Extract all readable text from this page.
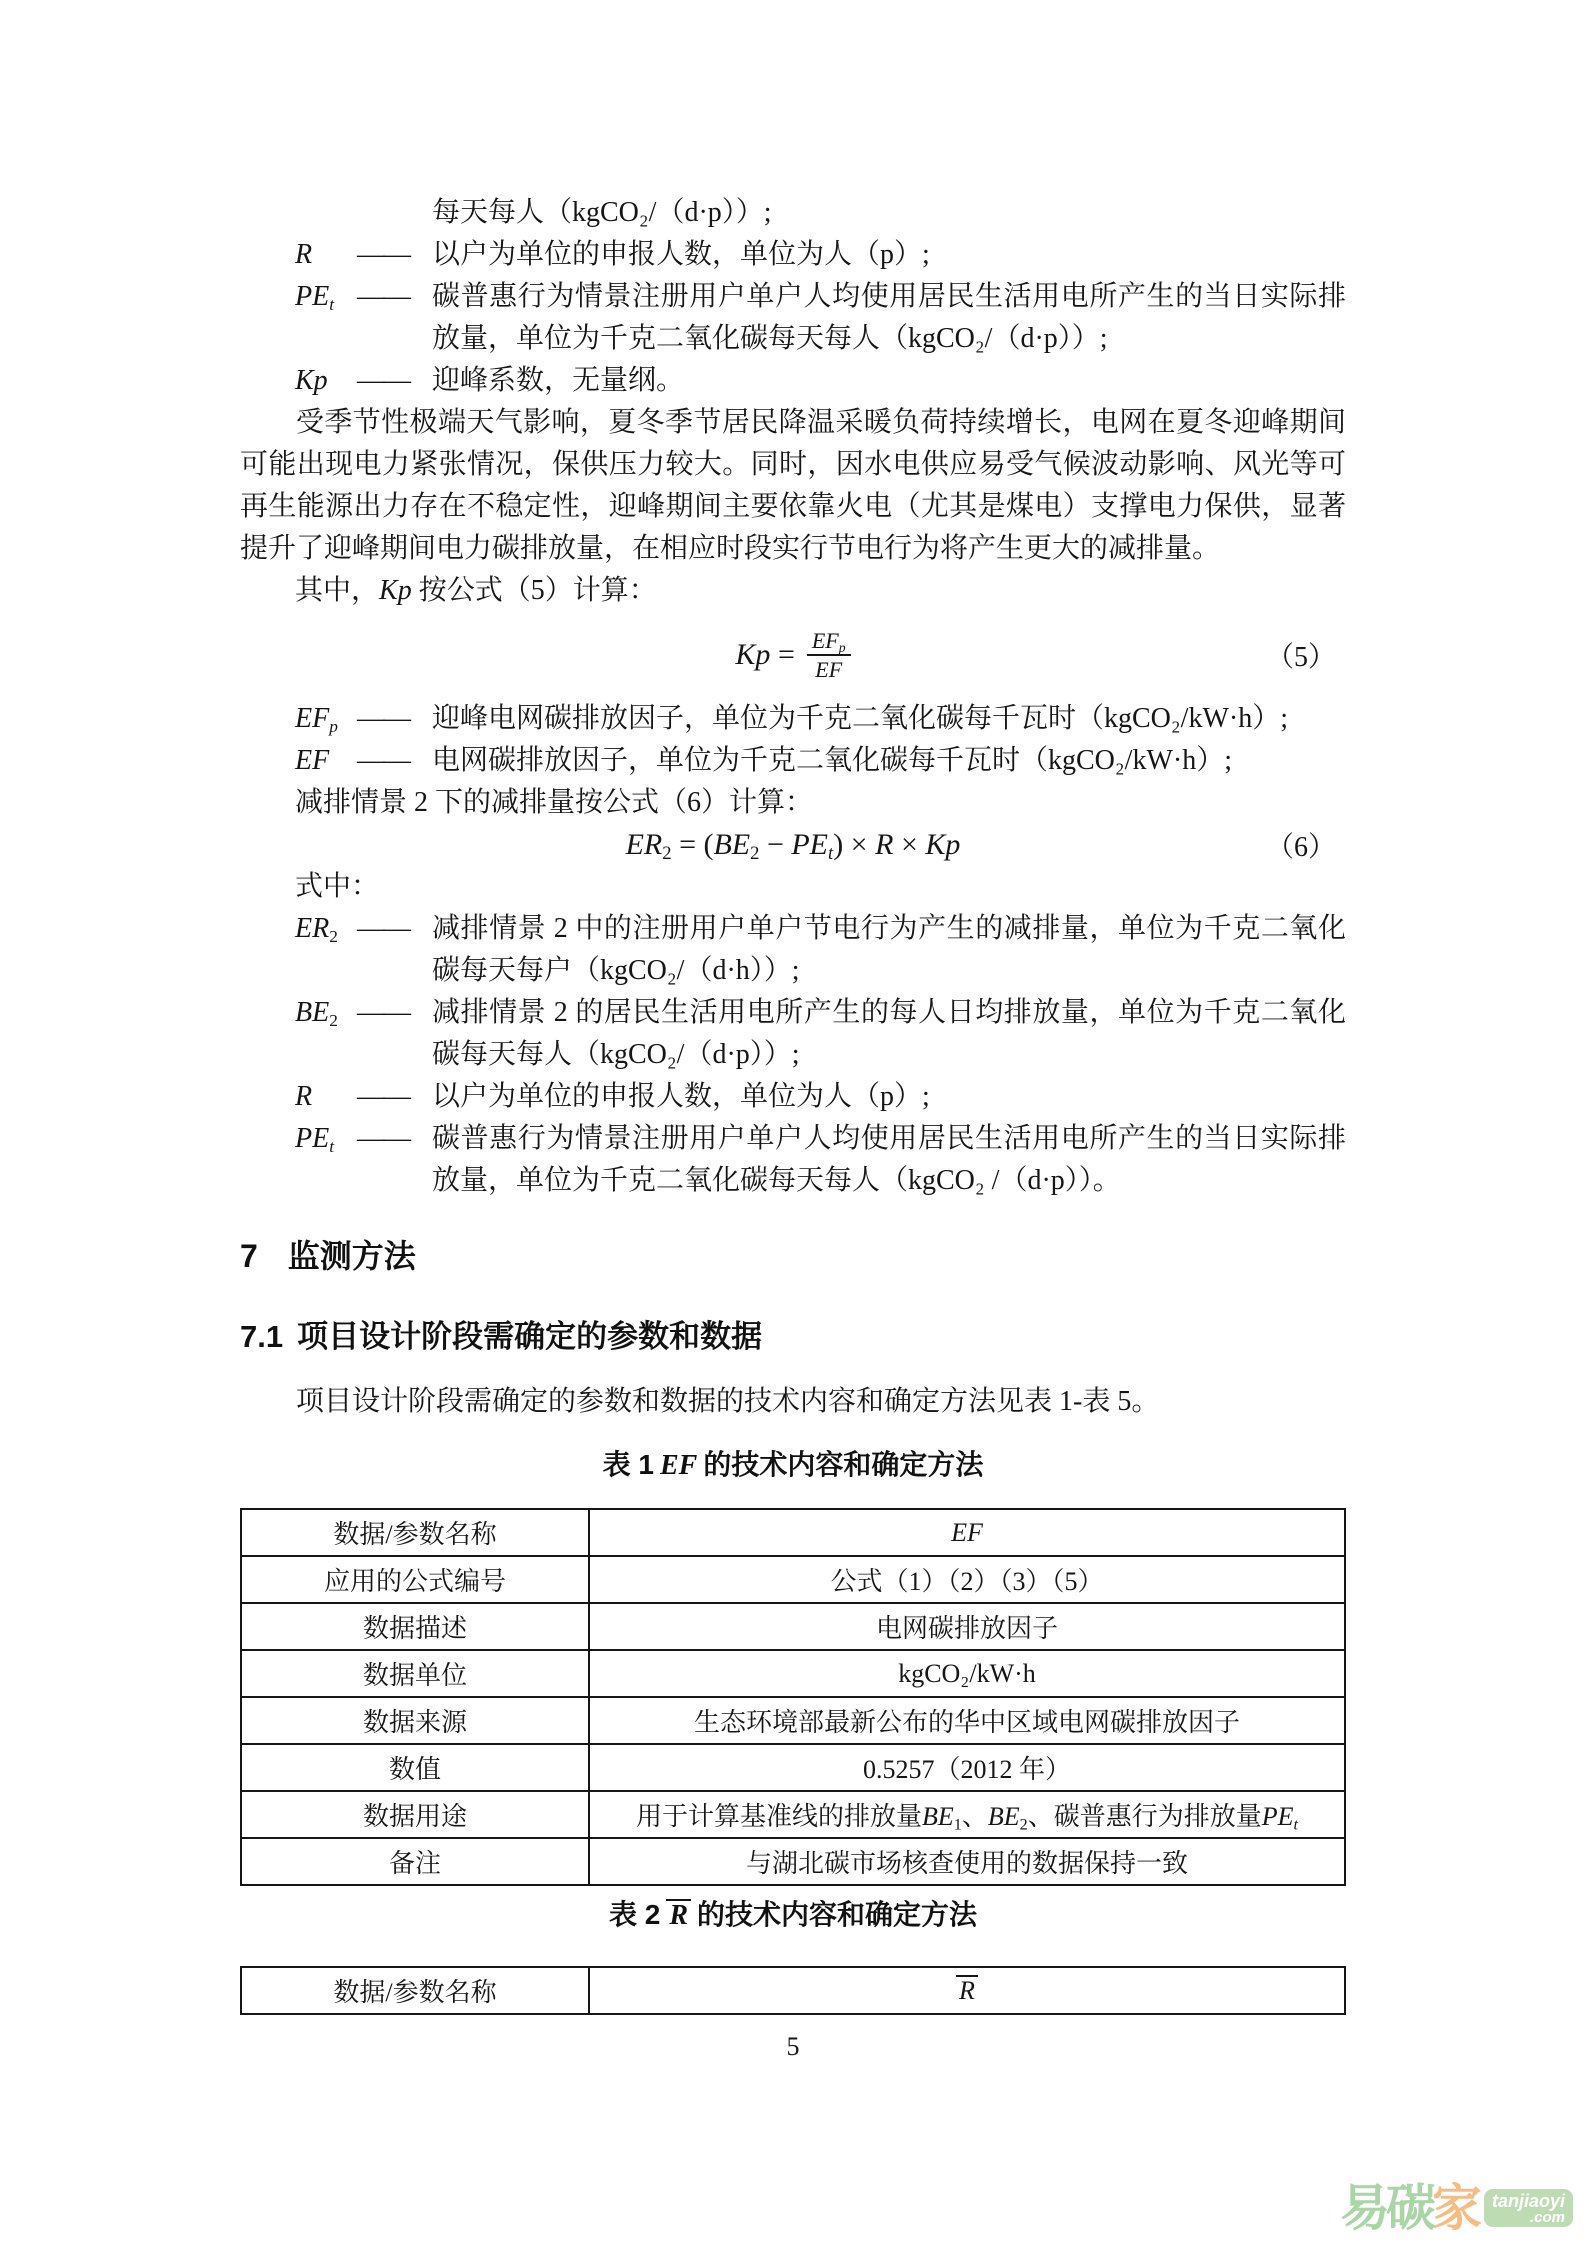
每天每人（kgCO₂/（d·p））;
R	—— 以户为单位的申报人数，单位为人（p）;
$PE_t$ —— 碳普惠行为情景注册用户单户人均使用居民生活用电所产生的当日实际排放量，单位为千克二氧化碳每天每人（kgCO₂/（d·p））;
Kp	—— 迎峰系数，无量纲。
受季节性极端天气影响，夏冬季节居民降温采暖负荷持续增长，电网在夏冬迎峰期间可能出现电力紧张情况，保供压力较大。同时，因水电供应易受气候波动影响、风光等可再生能源出力存在不稳定性，迎峰期间主要依靠火电（尤其是煤电）支撑电力保供，显著提升了迎峰期间电力碳排放量，在相应时段实行节电行为将产生更大的减排量。
其中，Kp 按公式（5）计算：
$Kp = \frac{EF_p}{EF}$	（5）
$EF_p$ —— 迎峰电网碳排放因子，单位为千克二氧化碳每千瓦时（kgCO₂/kW·h）;
EF —— 电网碳排放因子，单位为千克二氧化碳每千瓦时（kgCO₂/kW·h）;
减排情景 2 下的减排量按公式（6）计算：
$ER_2 = (BE_2 - PE_t) \times R \times Kp$	（6）
式中：
$ER_2$ —— 减排情景 2 中的注册用户单户节电行为产生的减排量，单位为千克二氧化碳每天每户（kgCO₂/（d·h））;
$BE_2$ —— 减排情景 2 的居民生活用电所产生的每人日均排放量，单位为千克二氧化碳每天每人（kgCO₂/（d·p））;
R	—— 以户为单位的申报人数，单位为人（p）;
$PE_t$ —— 碳普惠行为情景注册用户单户人均使用居民生活用电所产生的当日实际排放量，单位为千克二氧化碳每天每人（kgCO₂ /（d·p））。
7 监测方法
7.1 项目设计阶段需确定的参数和数据
项目设计阶段需确定的参数和数据的技术内容和确定方法见表 1-表 5。
表 1 EF 的技术内容和确定方法
数据/参数名称	EF
应用的公式编号	公式（1）（2）（3）（5）
数据描述	电网碳排放因子
数据单位	kgCO₂/kW·h
数据来源	生态环境部最新公布的华中区域电网碳排放因子
数值	0.5257（2012 年）
数据用途	用于计算基准线的排放量$BE_1$、$BE_2$、碳普惠行为排放量$PE_t$
备注	与湖北碳市场核查使用的数据保持一致
表 2 R 的技术内容和确定方法
数据/参数名称	R
5
易 碳 家 tanjiaoyi
.com
